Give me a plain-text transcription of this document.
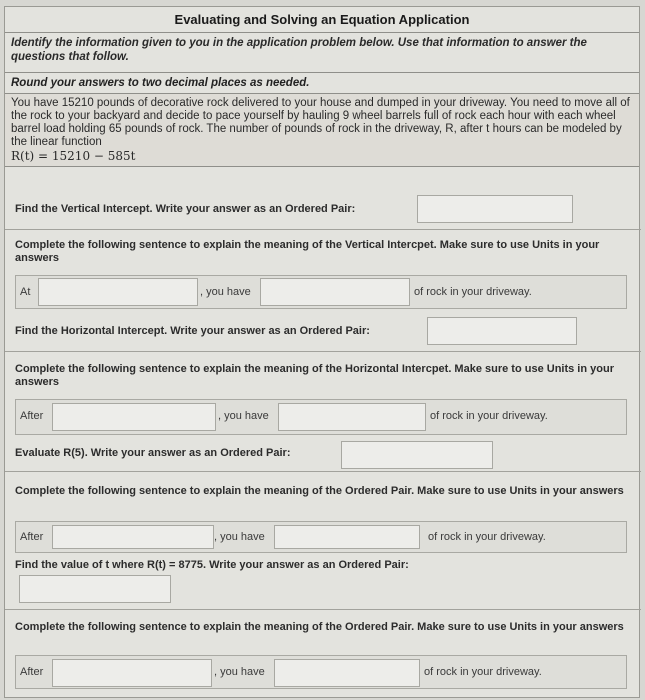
Evaluating and Solving an Equation Application
Identify the information given to you in the application problem below. Use that information to answer the questions that follow.
Round your answers to two decimal places as needed.
You have 15210 pounds of decorative rock delivered to your house and dumped in your driveway. You need to move all of the rock to your backyard and decide to pace yourself by hauling 9 wheel barrels full of rock each hour with each wheel barrel load holding 65 pounds of rock. The number of pounds of rock in the driveway, R, after t hours can be modeled by the linear function
R(t) = 15210 − 585t
Find the Vertical Intercept. Write your answer as an Ordered Pair:
Complete the following sentence to explain the meaning of the Vertical Intercpet. Make sure to use Units in your answers
At	, you have	of rock in your driveway.
Find the Horizontal Intercept. Write your answer as an Ordered Pair:
Complete the following sentence to explain the meaning of the Horizontal Intercpet. Make sure to use Units in your answers
After	, you have	of rock in your driveway.
Evaluate R(5). Write your answer as an Ordered Pair:
Complete the following sentence to explain the meaning of the Ordered Pair. Make sure to use Units in your answers
After	, you have	of rock in your driveway.
Find the value of t where R(t) = 8775. Write your answer as an Ordered Pair:
Complete the following sentence to explain the meaning of the Ordered Pair. Make sure to use Units in your answers
After	, you have	of rock in your driveway.
